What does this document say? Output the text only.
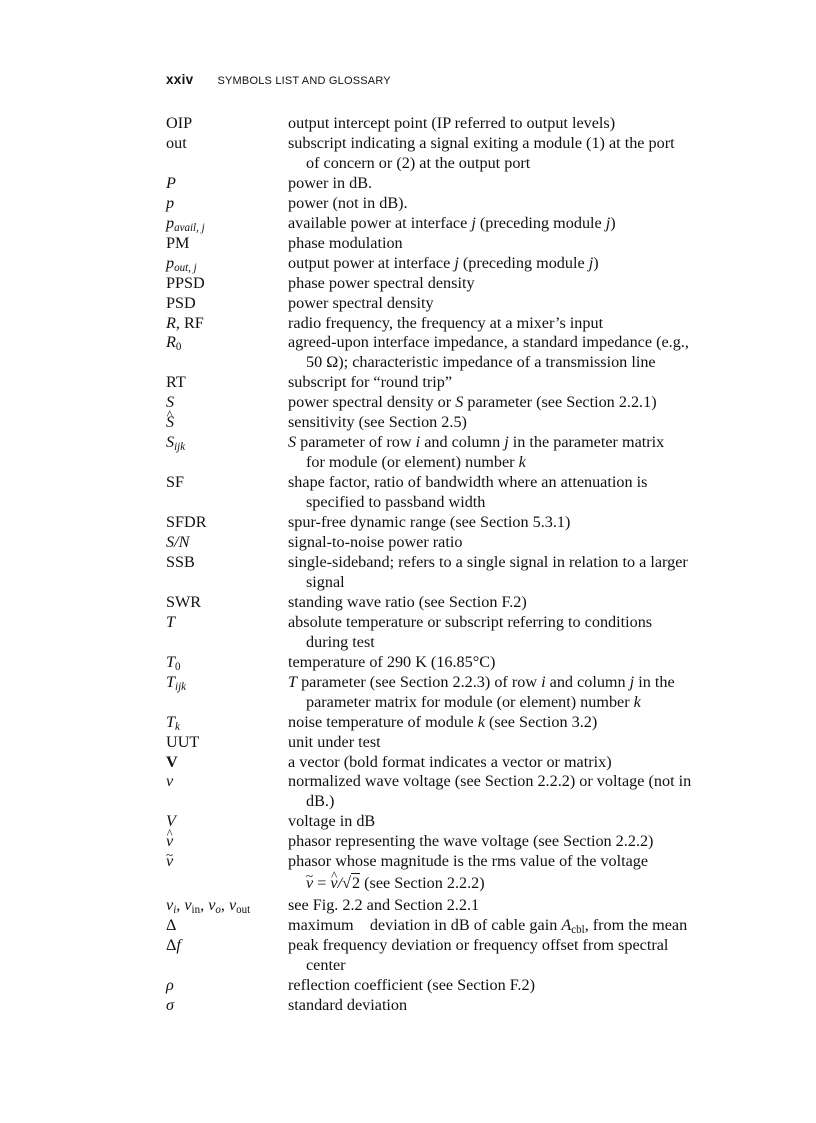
xxiv SYMBOLS LIST AND GLOSSARY
OIP	output intercept point (IP referred to output levels)
out	subscript indicating a signal exiting a module (1) at the port
of concern or (2) at the output port
P	power in dB.
p	power (not in dB).
$p_{avail, j}$	available power at interface j (preceding module j)
PM	phase modulation
$p_{out, j}$	output power at interface j (preceding module j)
PPSD	phase power spectral density
PSD	power spectral density
R, RF	radio frequency, the frequency at a mixer’s input
$R_0$	agreed-upon interface impedance, a standard impedance (e.g.,
50 Ω); characteristic impedance of a transmission line
RT	subscript for “round trip”
S	power spectral density or S parameter (see Section 2.2.1)
S ^	sensitivity (see Section 2.5)
$S_{ijk}$	S parameter of row i and column j in the parameter matrix
for module (or element) number k
SF	shape factor, ratio of bandwidth where an attenuation is
specified to passband width
SFDR	spur-free dynamic range (see Section 5.3.1)
S/N	signal-to-noise power ratio
SSB	single-sideband; refers to a single signal in relation to a larger
signal
SWR	standing wave ratio (see Section F.2)
T	absolute temperature or subscript referring to conditions
during test
$T_0$	temperature of 290 K (16.85°C)
$T_{ijk}$	T parameter (see Section 2.2.3) of row i and column j in the
parameter matrix for module (or element) number k
$T_k$	noise temperature of module k (see Section 3.2)
UUT	unit under test
V	a vector (bold format indicates a vector or matrix)
v	normalized wave voltage (see Section 2.2.2) or voltage (not in
dB.)
V	voltage in dB
v ^	phasor representing the wave voltage (see Section 2.2.2)
v ~	phasor whose magnitude is the rms value of the voltage
v ~ = v ^/√2 (see Section 2.2.2)
$v_i$, $v_{in}$, $v_o$, $v_{out}$	see Fig. 2.2 and Section 2.2.1
Δ	maximum    deviation in dB of cable gain $A_{cbl}$, from the mean
Δf	peak frequency deviation or frequency offset from spectral
center
ρ	reflection coefficient (see Section F.2)
σ	standard deviation
